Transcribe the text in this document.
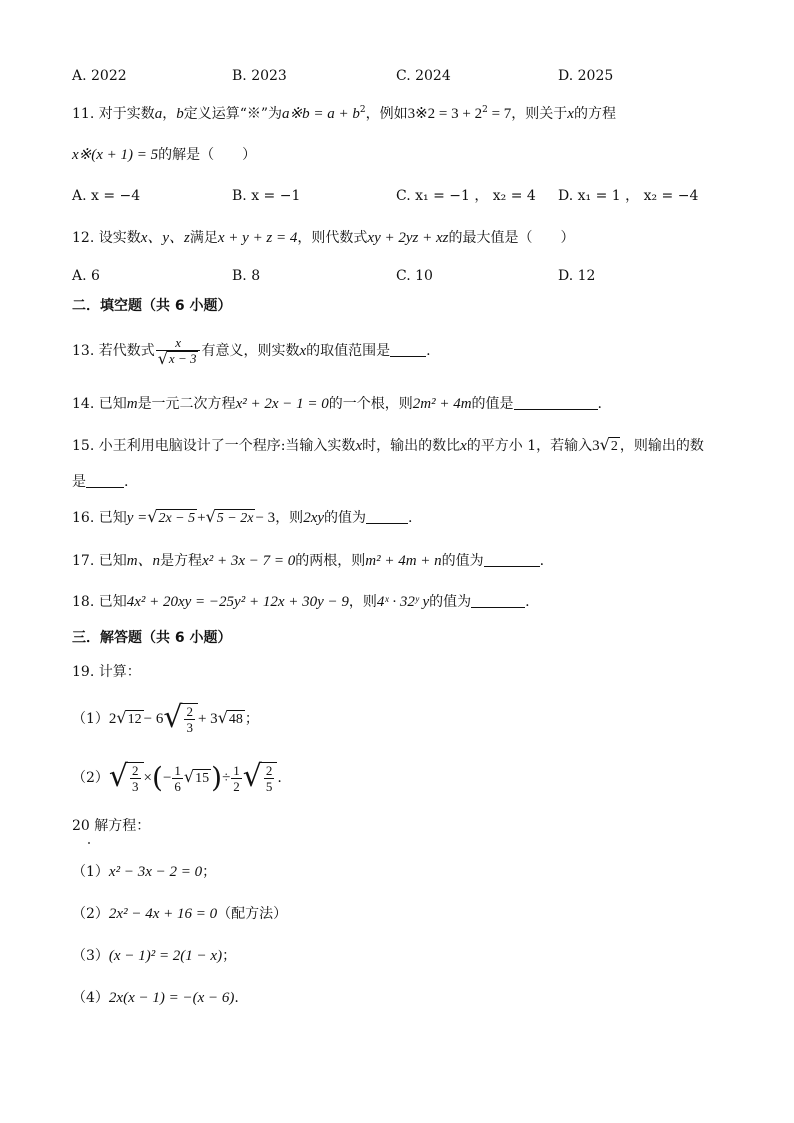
A. 2022	B. 2023	C. 2024	D. 2025
11. 对于实数a，b定义运算“※”为a※b = $a + b^2$，例如3※2 = $3 + 2^2 = 7$，则关于x的方程
x※(x + 1) = 5的解是（　　）
A. x = −4	B. x = −1	C. x₁ = −1 ， x₂ = 4 D. x₁ = 1 ， x₂ = −4
12. 设实数x、y、z满足x + y + z = 4，则代数式xy + 2yz + xz的最大值是（　　）
A. 6	B. 8	C. 10	D. 12
二．填空题（共 6 小题）
13. 若代数式 $\frac{x}{√ x - 3}$ 有意义，则实数x的取值范围是	.
14. 已知m是一元二次方程x² + 2x − 1 = 0的一个根，则2m² + 4m的值是	.
15. 小王利用电脑设计了一个程序:当输入实数x时，输出的数比x的平方小 1，若输入3 √ 2 ，则输出的数
是	.
16. 已知y = √ 2x − 5 + √ 5 − 2x − 3，则2xy的值为	.
17. 已知m、n是方程x² + 3x − 7 = 0的两根，则m² + 4m + n的值为	.
18. 已知4x² + 20xy = −25y² + 12x + 30y − 9，则4ˣ · 32ʸ y的值为	.
三．解答题（共 6 小题）
19. 计算：
（1）2 √ 12 − 6 √ $\frac{2}{3} + 3$ √ 48 ；
（2） √ $\frac{2}{3}$ ×(− $\frac{1}{6}$ √ 15 )÷ $\frac{1}{2}$ √ $\frac{2}{5}$ .
20 解方程：
（1）x² − 3x − 2 = 0；
（2）2x² − 4x + 16 = 0（配方法）
（3）(x − 1)² = 2(1 − x)；
（4）2x(x − 1) = −(x − 6).
